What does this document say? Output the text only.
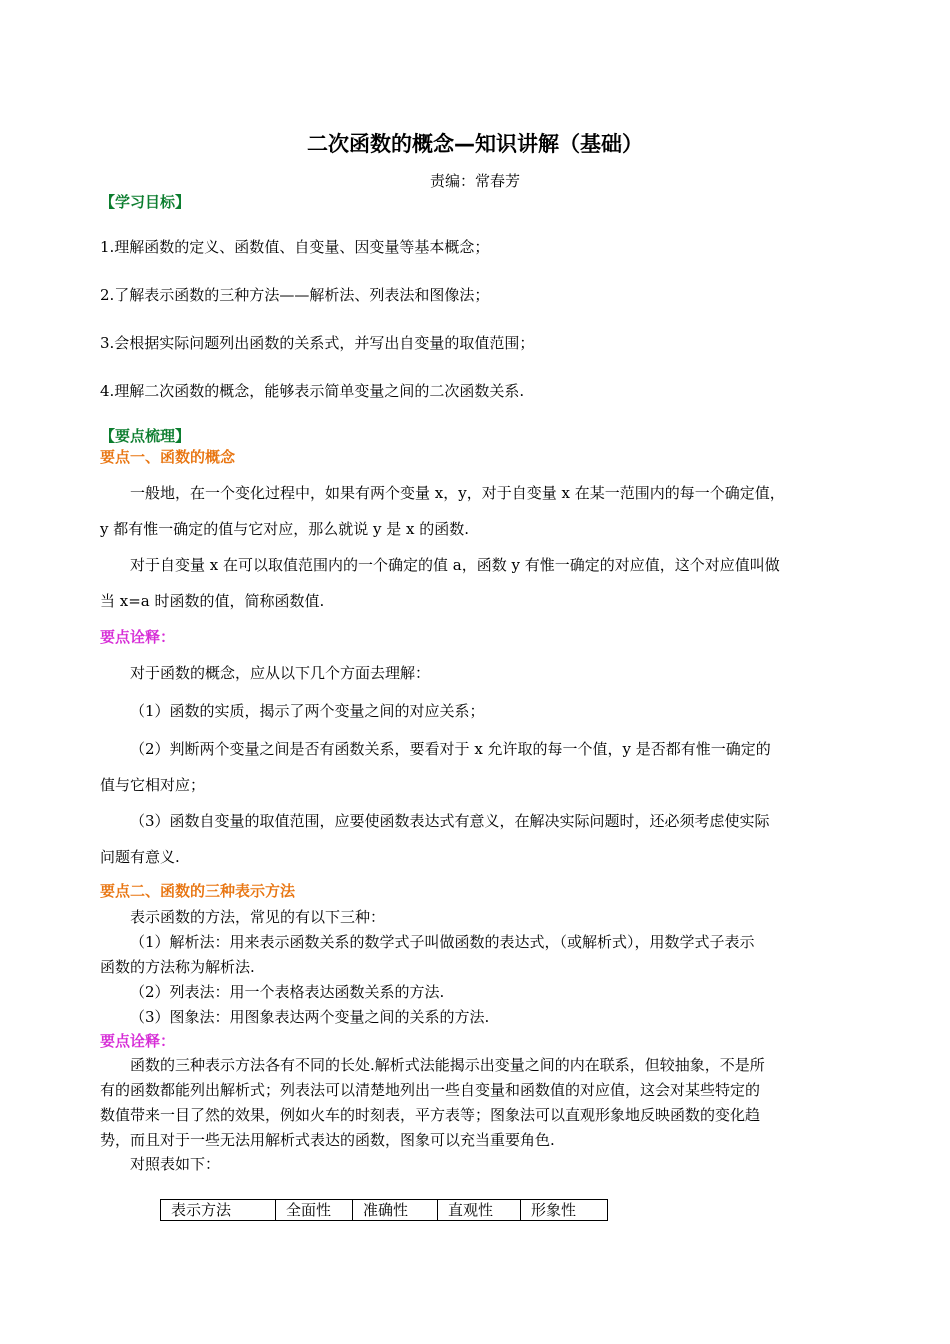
二次函数的概念—知识讲解（基础）
责编：常春芳
【学习目标】
1.理解函数的定义、函数值、自变量、因变量等基本概念；
2.了解表示函数的三种方法——解析法、列表法和图像法；
3.会根据实际问题列出函数的关系式，并写出自变量的取值范围；
4.理解二次函数的概念，能够表示简单变量之间的二次函数关系.
【要点梳理】
要点一、函数的概念
一般地，在一个变化过程中，如果有两个变量 x，y，对于自变量 x 在某一范围内的每一个确定值，
y 都有惟一确定的值与它对应，那么就说 y 是 x 的函数.
对于自变量 x 在可以取值范围内的一个确定的值 a，函数 y 有惟一确定的对应值，这个对应值叫做
当 x=a 时函数的值，简称函数值.
要点诠释：
对于函数的概念，应从以下几个方面去理解：
（1）函数的实质，揭示了两个变量之间的对应关系；
（2）判断两个变量之间是否有函数关系，要看对于 x 允许取的每一个值，y 是否都有惟一确定的
值与它相对应；
（3）函数自变量的取值范围，应要使函数表达式有意义，在解决实际问题时，还必须考虑使实际
问题有意义.
要点二、函数的三种表示方法
表示函数的方法，常见的有以下三种：
（1）解析法：用来表示函数关系的数学式子叫做函数的表达式，（或解析式），用数学式子表示
函数的方法称为解析法.
（2）列表法：用一个表格表达函数关系的方法.
（3）图象法：用图象表达两个变量之间的关系的方法.
要点诠释：
函数的三种表示方法各有不同的长处.解析式法能揭示出变量之间的内在联系，但较抽象，不是所
有的函数都能列出解析式；列表法可以清楚地列出一些自变量和函数值的对应值，这会对某些特定的
数值带来一目了然的效果，例如火车的时刻表，平方表等；图象法可以直观形象地反映函数的变化趋
势，而且对于一些无法用解析式表达的函数，图象可以充当重要角色.
对照表如下：
表示方法	全面性	准确性	直观性	形象性
